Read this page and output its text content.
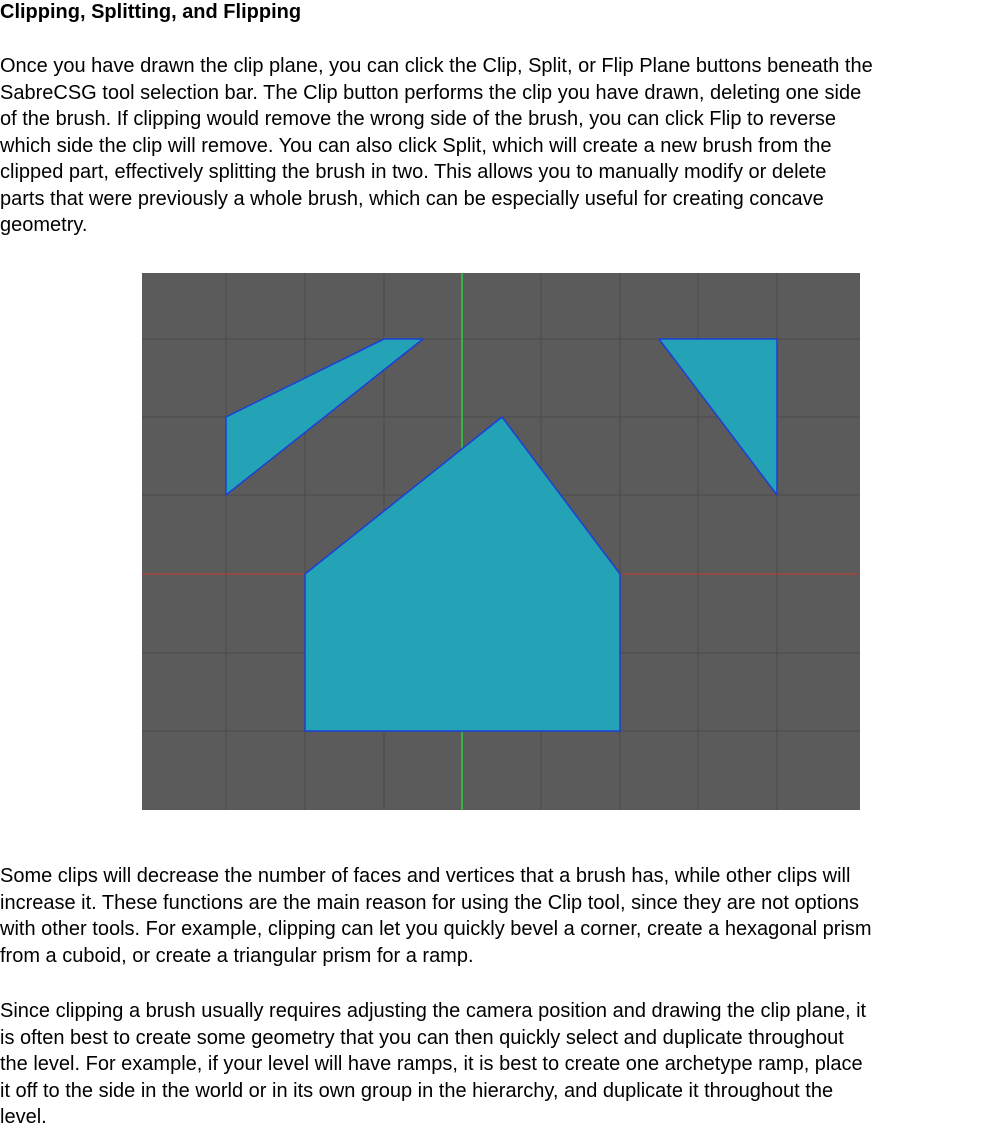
Clipping, Splitting, and Flipping
Once you have drawn the clip plane, you can click the Clip, Split, or Flip Plane buttons beneath the
SabreCSG tool selection bar. The Clip button performs the clip you have drawn, deleting one side
of the brush. If clipping would remove the wrong side of the brush, you can click Flip to reverse
which side the clip will remove. You can also click Split, which will create a new brush from the
clipped part, effectively splitting the brush in two. This allows you to manually modify or delete
parts that were previously a whole brush, which can be especially useful for creating concave
geometry.
Some clips will decrease the number of faces and vertices that a brush has, while other clips will
increase it. These functions are the main reason for using the Clip tool, since they are not options
with other tools. For example, clipping can let you quickly bevel a corner, create a hexagonal prism
from a cuboid, or create a triangular prism for a ramp.
Since clipping a brush usually requires adjusting the camera position and drawing the clip plane, it
is often best to create some geometry that you can then quickly select and duplicate throughout
the level. For example, if your level will have ramps, it is best to create one archetype ramp, place
it off to the side in the world or in its own group in the hierarchy, and duplicate it throughout the
level.
